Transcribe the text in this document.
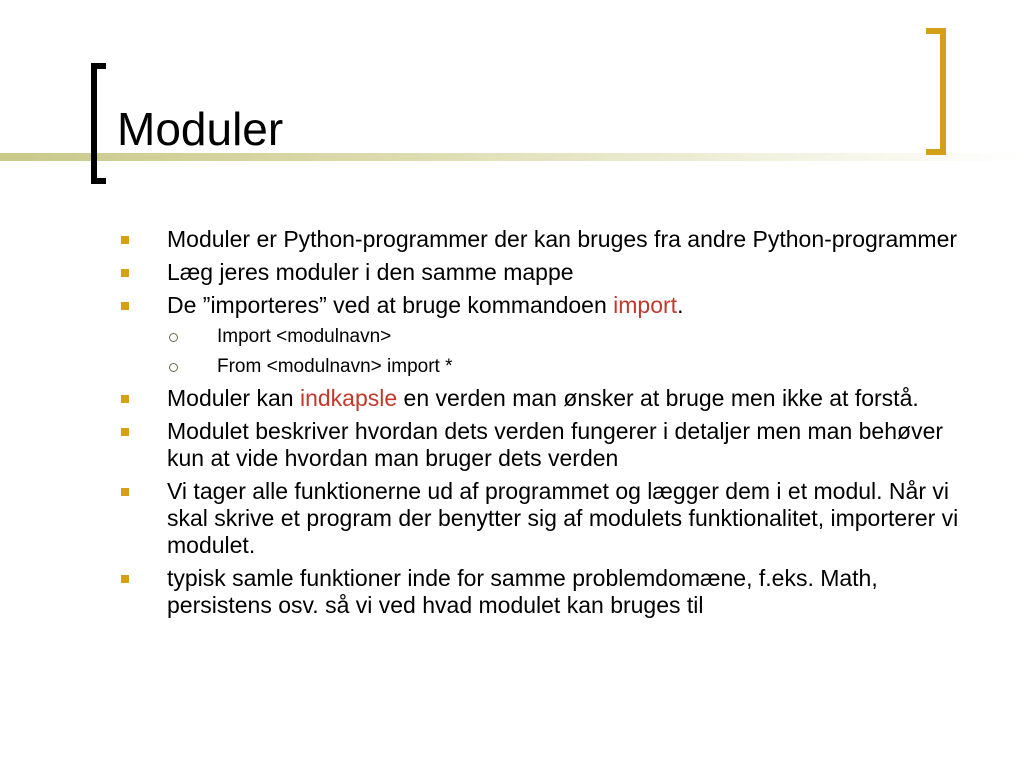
Moduler
Moduler er Python-programmer der kan bruges fra andre Python-programmer
Læg jeres moduler i den samme mappe
De ”importeres” ved at bruge kommandoen import.
Import <modulnavn>
From <modulnavn> import *
Moduler kan indkapsle en verden man ønsker at bruge men ikke at forstå.
Modulet beskriver hvordan dets verden fungerer i detaljer men man behøver kun at vide hvordan man bruger dets verden
Vi tager alle funktionerne ud af programmet og lægger dem i et modul. Når vi skal skrive et program der benytter sig af modulets funktionalitet, importerer vi modulet.
typisk samle funktioner inde for samme problemdomæne, f.eks. Math, persistens osv. så vi ved hvad modulet kan bruges til
